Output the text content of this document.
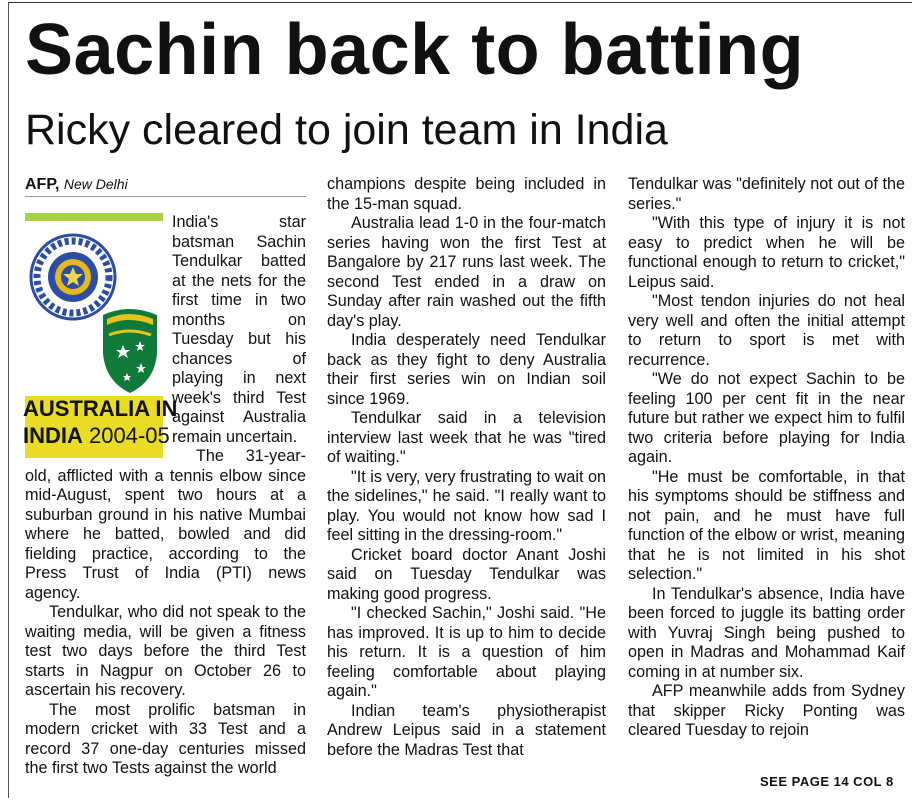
Sachin back to batting
Ricky cleared to join team in India
AFP, New Delhi
AUSTRALIA IN
INDIA 2004-05

India's star batsman Sachin Tendulkar batted at the nets for the first time in two months on Tuesday but his chances of playing in next week's third Test against Australia remain uncertain.

The 31-year-old, afflicted with a tennis elbow since mid-August, spent two hours at a suburban ground in his native Mumbai where he batted, bowled and did fielding practice, according to the Press Trust of India (PTI) news agency.

Tendulkar, who did not speak to the waiting media, will be given a fitness test two days before the third Test starts in Nagpur on October 26 to ascertain his recovery.

The most prolific batsman in modern cricket with 33 Test and a record 37 one-day centuries missed the first two Tests against the world

champions despite being included in the 15-man squad.

Australia lead 1-0 in the four-match series having won the first Test at Bangalore by 217 runs last week. The second Test ended in a draw on Sunday after rain washed out the fifth day's play.

India desperately need Tendulkar back as they fight to deny Australia their first series win on Indian soil since 1969.

Tendulkar said in a television interview last week that he was "tired of waiting."

"It is very, very frustrating to wait on the sidelines," he said. "I really want to play. You would not know how sad I feel sitting in the dressing-room."

Cricket board doctor Anant Joshi said on Tuesday Tendulkar was making good progress.

"I checked Sachin," Joshi said. "He has improved. It is up to him to decide his return. It is a question of him feeling comfortable about playing again."

Indian team's physiotherapist Andrew Leipus said in a statement before the Madras Test that

Tendulkar was "definitely not out of the series."

"With this type of injury it is not easy to predict when he will be functional enough to return to cricket," Leipus said.

"Most tendon injuries do not heal very well and often the initial attempt to return to sport is met with recurrence.

"We do not expect Sachin to be feeling 100 per cent fit in the near future but rather we expect him to fulfil two criteria before playing for India again.

"He must be comfortable, in that his symptoms should be stiffness and not pain, and he must have full function of the elbow or wrist, meaning that he is not limited in his shot selection."

In Tendulkar's absence, India have been forced to juggle its batting order with Yuvraj Singh being pushed to open in Madras and Mohammad Kaif coming in at number six.

AFP meanwhile adds from Sydney that skipper Ricky Ponting was cleared Tuesday to rejoin

SEE PAGE 14 COL 8
